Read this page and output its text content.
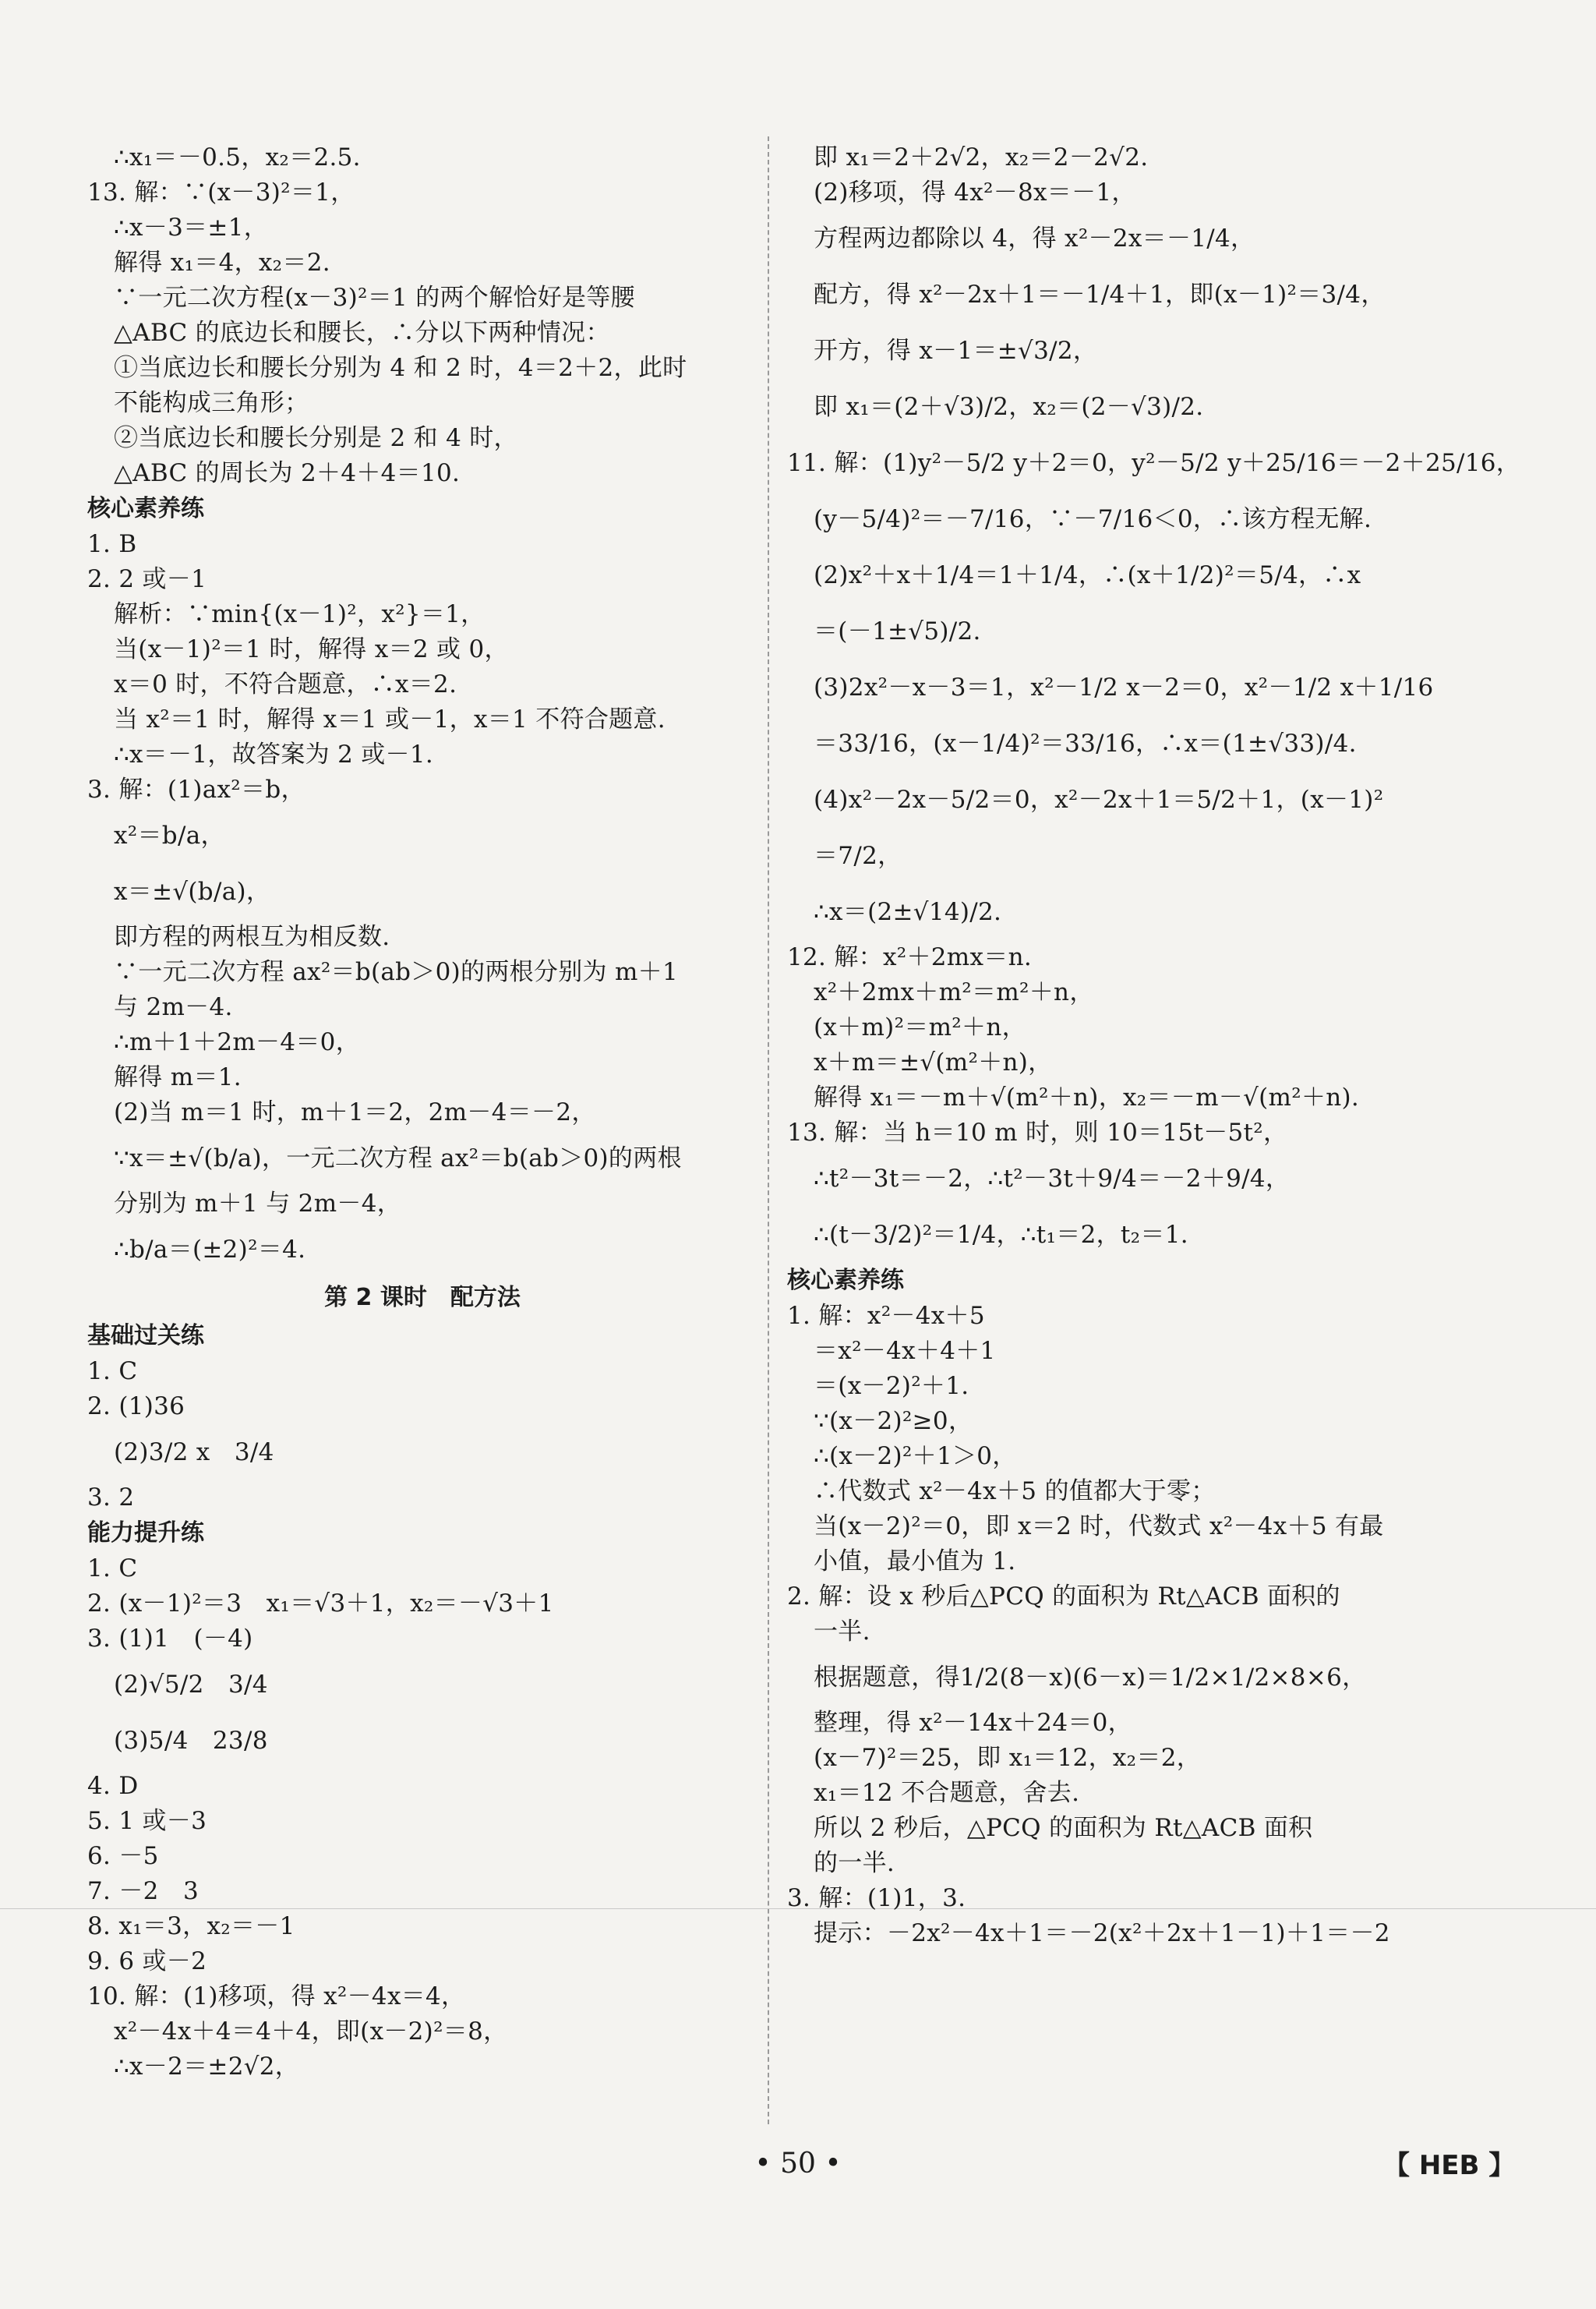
∴x₁＝－0.5，x₂＝2.5.
13. 解：∵(x－3)²＝1，
∴x－3＝±1，
解得 x₁＝4，x₂＝2.
∵一元二次方程(x－3)²＝1 的两个解恰好是等腰
△ABC 的底边长和腰长，∴分以下两种情况：
①当底边长和腰长分别为 4 和 2 时，4＝2＋2，此时
不能构成三角形；
②当底边长和腰长分别是 2 和 4 时，
△ABC 的周长为 2＋4＋4＝10.
核心素养练
1. B
2. 2 或－1
解析：∵min{(x－1)²，x²}＝1，
当(x－1)²＝1 时，解得 x＝2 或 0，
x＝0 时，不符合题意，∴x＝2.
当 x²＝1 时，解得 x＝1 或－1，x＝1 不符合题意.
∴x＝－1，故答案为 2 或－1.
3. 解：(1)ax²＝b，
x²＝b/a，
x＝±√(b/a)，
即方程的两根互为相反数.
∵一元二次方程 ax²＝b(ab＞0)的两根分别为 m＋1
与 2m－4.
∴m＋1＋2m－4＝0，
解得 m＝1.
(2)当 m＝1 时，m＋1＝2，2m－4＝－2，
∵x＝±√(b/a)，一元二次方程 ax²＝b(ab＞0)的两根
分别为 m＋1 与 2m－4，
∴b/a＝(±2)²＝4.
第 2 课时　配方法
基础过关练
1. C
2. (1)36
(2)3/2 x　3/4
3. 2
能力提升练
1. C
2. (x－1)²＝3　x₁＝√3＋1，x₂＝－√3＋1
3. (1)1　(－4)
(2)√5/2　3/4
(3)5/4　23/8
4. D
5. 1 或－3
6. －5
7. －2　3
8. x₁＝3，x₂＝－1
9. 6 或－2
10. 解：(1)移项，得 x²－4x＝4，
x²－4x＋4＝4＋4，即(x－2)²＝8，
∴x－2＝±2√2，
即 x₁＝2＋2√2，x₂＝2－2√2.
(2)移项，得 4x²－8x＝－1，
方程两边都除以 4，得 x²－2x＝－1/4，
配方，得 x²－2x＋1＝－1/4＋1，即(x－1)²＝3/4，
开方，得 x－1＝±√3/2，
即 x₁＝(2＋√3)/2，x₂＝(2－√3)/2.
11. 解：(1)y²－5/2 y＋2＝0，y²－5/2 y＋25/16＝－2＋25/16，
(y－5/4)²＝－7/16，∵－7/16＜0，∴该方程无解.
(2)x²＋x＋1/4＝1＋1/4，∴(x＋1/2)²＝5/4，∴x
＝(－1±√5)/2.
(3)2x²－x－3＝1，x²－1/2 x－2＝0，x²－1/2 x＋1/16
＝33/16，(x－1/4)²＝33/16，∴x＝(1±√33)/4.
(4)x²－2x－5/2＝0，x²－2x＋1＝5/2＋1，(x－1)²
＝7/2，
∴x＝(2±√14)/2.
12. 解：x²＋2mx＝n.
x²＋2mx＋m²＝m²＋n，
(x＋m)²＝m²＋n，
x＋m＝±√(m²＋n)，
解得 x₁＝－m＋√(m²＋n)，x₂＝－m－√(m²＋n).
13. 解：当 h＝10 m 时，则 10＝15t－5t²，
∴t²－3t＝－2，∴t²－3t＋9/4＝－2＋9/4，
∴(t－3/2)²＝1/4，∴t₁＝2，t₂＝1.
核心素养练
1. 解：x²－4x＋5
＝x²－4x＋4＋1
＝(x－2)²＋1.
∵(x－2)²≥0，
∴(x－2)²＋1＞0，
∴代数式 x²－4x＋5 的值都大于零；
当(x－2)²＝0，即 x＝2 时，代数式 x²－4x＋5 有最
小值，最小值为 1.
2. 解：设 x 秒后△PCQ 的面积为 Rt△ACB 面积的
一半.
根据题意，得1/2(8－x)(6－x)＝1/2×1/2×8×6，
整理，得 x²－14x＋24＝0，
(x－7)²＝25，即 x₁＝12，x₂＝2，
x₁＝12 不合题意，舍去.
所以 2 秒后，△PCQ 的面积为 Rt△ACB 面积
的一半.
3. 解：(1)1，3.
提示：－2x²－4x＋1＝－2(x²＋2x＋1－1)＋1＝－2
• 50 •	【 HEB 】
